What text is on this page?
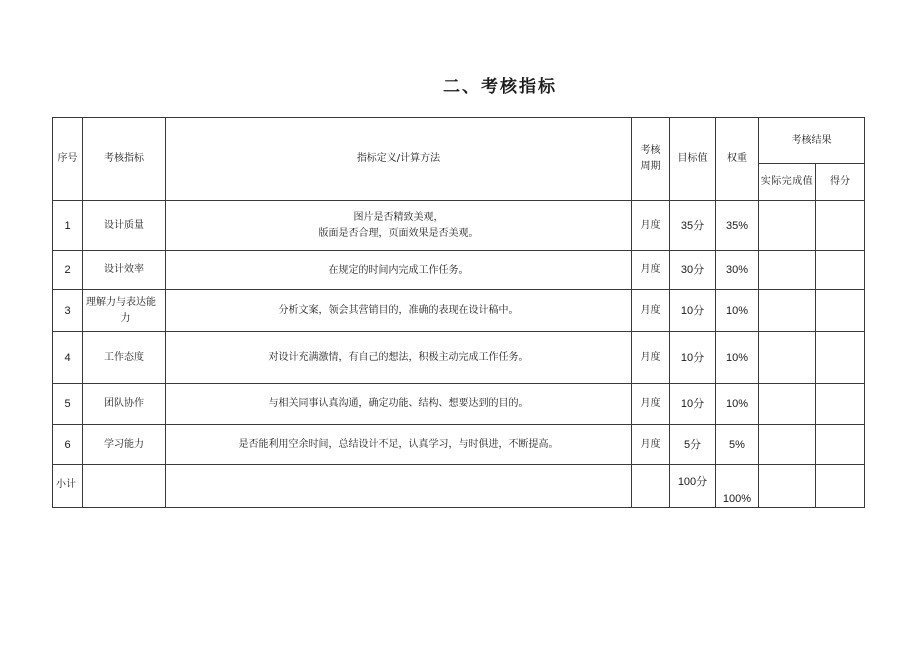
二、考核指标
序号	考核指标	指标定义/计算方法	考核
周期	目标值	权重	考核结果	
						实际完成值	得分
1	设计质量	图片是否精致美观，
版面是否合理，页面效果是否美观。	月度	35分	35%		
2	设计效率	在规定的时间内完成工作任务。	月度	30分	30%		
3	理解力与表达能
力	分析文案，领会其营销目的，准确的表现在设计稿中。	月度	10分	10%		
4	工作态度	对设计充满激情，有自己的想法，积极主动完成工作任务。	月度	10分	10%		
5	团队协作	与相关同事认真沟通，确定功能、结构、想要达到的目的。	月度	10分	10%		
6	学习能力	是否能利用空余时间，总结设计不足，认真学习，与时俱进，不断提高。	月度	5分	5%		
小计				100分	100%		
